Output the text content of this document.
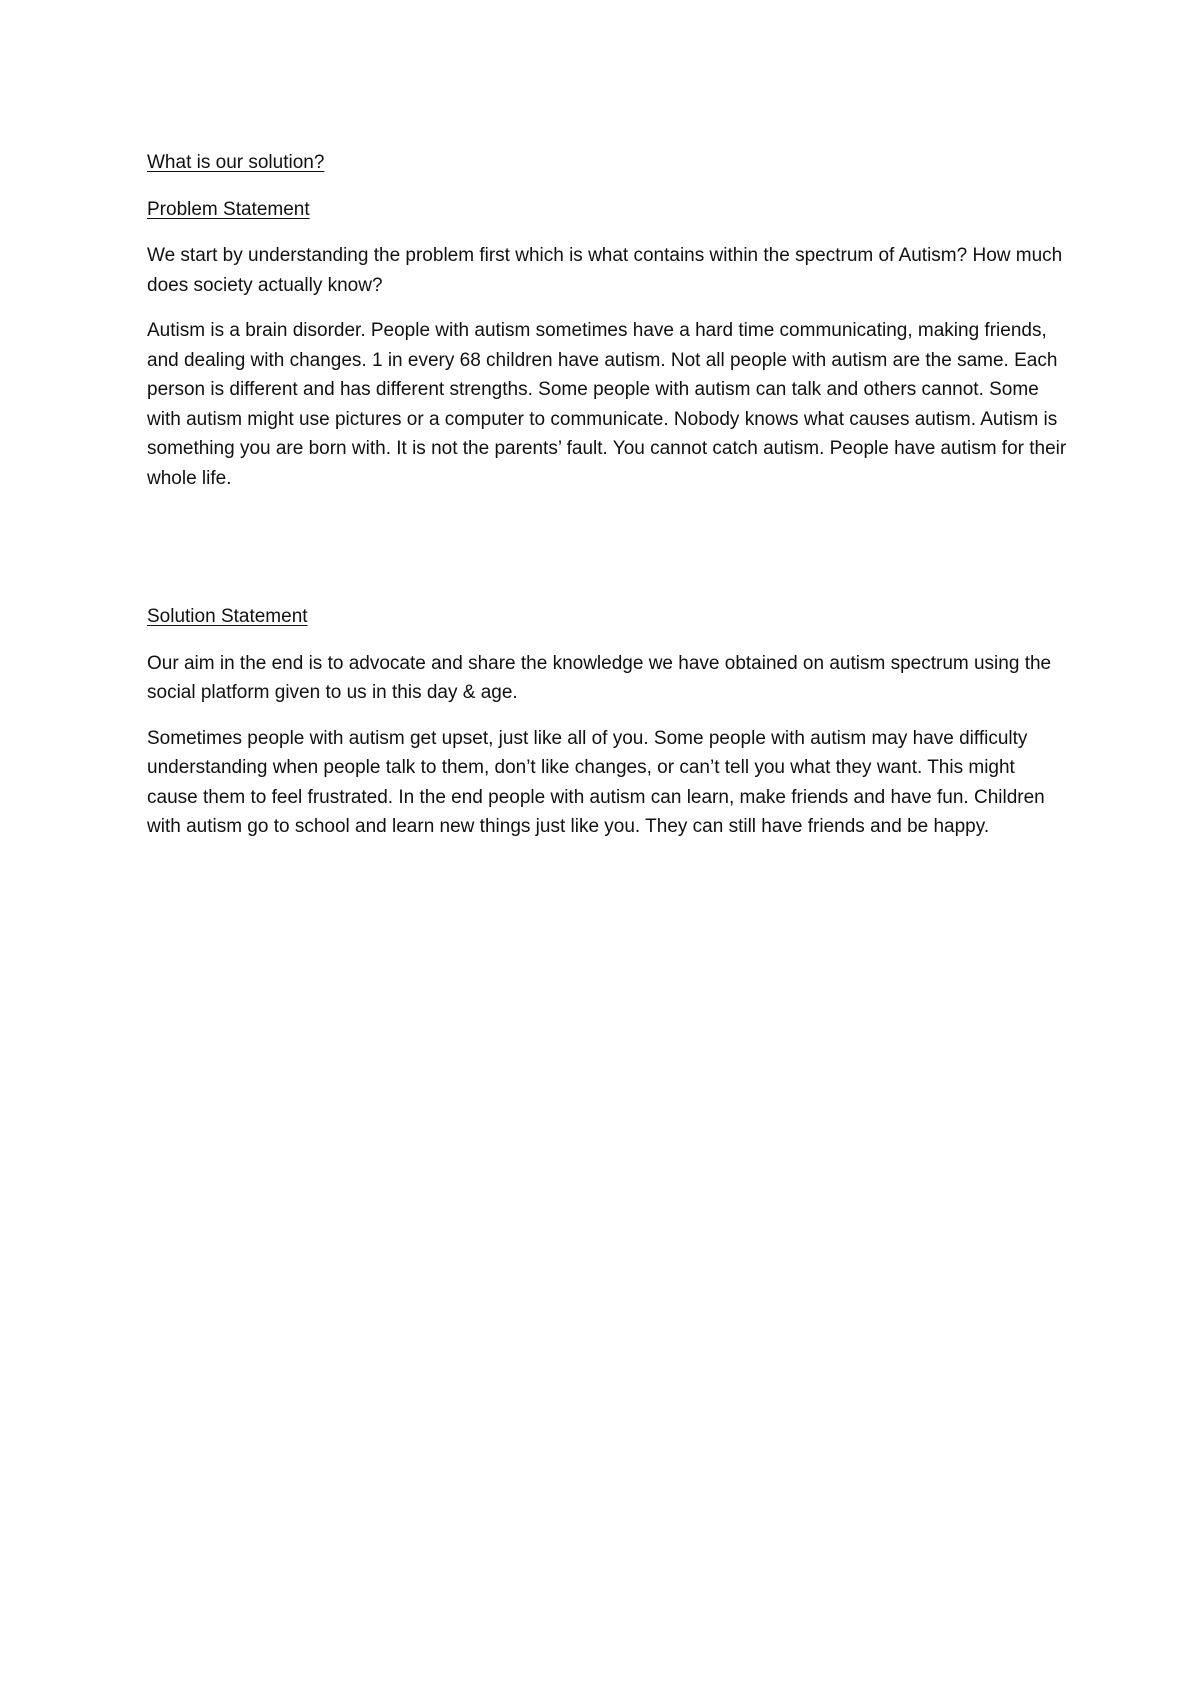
What is our solution?

Problem Statement

We start by understanding the problem first which is what contains within the spectrum of Autism? How much does society actually know?

Autism is a brain disorder. People with autism sometimes have a hard time communicating, making friends, and dealing with changes. 1 in every 68 children have autism. Not all people with autism are the same. Each person is different and has different strengths. Some people with autism can talk and others cannot. Some with autism might use pictures or a computer to communicate. Nobody knows what causes autism. Autism is something you are born with. It is not the parents’ fault. You cannot catch autism. People have autism for their whole life.

Solution Statement

Our aim in the end is to advocate and share the knowledge we have obtained on autism spectrum using the social platform given to us in this day & age.

Sometimes people with autism get upset, just like all of you. Some people with autism may have difficulty understanding when people talk to them, don’t like changes, or can’t tell you what they want. This might cause them to feel frustrated. In the end people with autism can learn, make friends and have fun. Children with autism go to school and learn new things just like you. They can still have friends and be happy.
